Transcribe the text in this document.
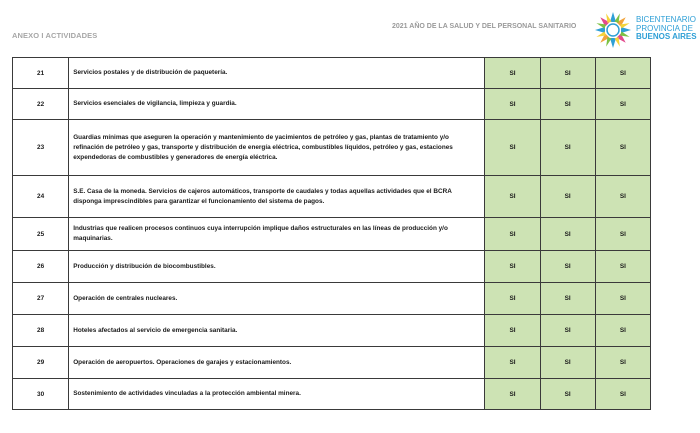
ANEXO I ACTIVIDADES
2021 AÑO DE LA SALUD Y DEL PERSONAL SANITARIO
BICENTENARIO
PROVINCIA DE
BUENOS AIRES
21	Servicios postales y de distribución de paquetería.	SI	SI	SI
22	Servicios esenciales de vigilancia, limpieza y guardia.	SI	SI	SI
23	Guardias mínimas que aseguren la operación y mantenimiento de yacimientos de petróleo y gas, plantas de tratamiento y/o refinación de petróleo y gas, transporte y distribución de energía eléctrica, combustibles líquidos, petróleo y gas, estaciones expendedoras de combustibles y generadores de energía eléctrica.	SI	SI	SI
24	S.E. Casa de la moneda. Servicios de cajeros automáticos, transporte de caudales y todas aquellas actividades que el BCRA disponga imprescindibles para garantizar el funcionamiento del sistema de pagos.	SI	SI	SI
25	Industrias que realicen procesos continuos cuya interrupción implique daños estructurales en las líneas de producción y/o maquinarias.	SI	SI	SI
26	Producción y distribución de biocombustibles.	SI	SI	SI
27	Operación de centrales nucleares.	SI	SI	SI
28	Hoteles afectados al servicio de emergencia sanitaria.	SI	SI	SI
29	Operación de aeropuertos. Operaciones de garajes y estacionamientos.	SI	SI	SI
30	Sostenimiento de actividades vinculadas a la protección ambiental minera.	SI	SI	SI
